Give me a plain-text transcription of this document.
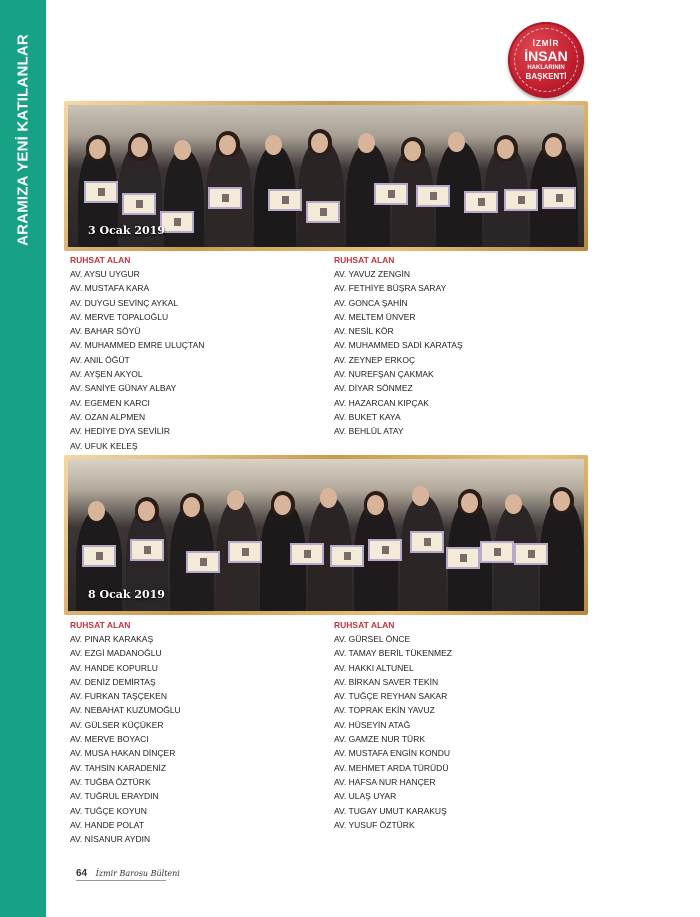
ARAMIZA YENİ KATILANLAR	İZMİR
İNSAN
HAKLARININ
BAŞKENTİ
3 Ocak 2019
RUHSAT ALAN
AV. AYSU UYGUR
AV. MUSTAFA KARA
AV. DUYGU SEVİNÇ AYKAL
AV. MERVE TOPALOĞLU
AV. BAHAR SÖYÜ
AV. MUHAMMED EMRE ULUÇTAN
AV. ANIL ÖĞÜT
AV. AYŞEN AKYOL
AV. SANİYE GÜNAY ALBAY
AV. EGEMEN KARCI
AV. OZAN ALPMEN
AV. HEDİYE DYA SEVİLİR
AV. UFUK KELEŞ
RUHSAT ALAN
AV. YAVUZ ZENGİN
AV. FETHİYE BÜŞRA SARAY
AV. GONCA ŞAHİN
AV. MELTEM ÜNVER
AV. NESİL KÖR
AV. MUHAMMED SADİ KARATAŞ
AV. ZEYNEP ERKOÇ
AV. NUREFŞAN ÇAKMAK
AV. DİYAR SÖNMEZ
AV. HAZARCAN KIPÇAK
AV. BUKET KAYA
AV. BEHLÜL ATAY
8 Ocak 2019
RUHSAT ALAN
AV. PINAR KARAKAŞ
AV. EZGİ MADANOĞLU
AV. HANDE KOPURLU
AV. DENİZ DEMİRTAŞ
AV. FURKAN TAŞÇEKEN
AV. NEBAHAT KUZUMOĞLU
AV. GÜLSER KÜÇÜKER
AV. MERVE BOYACI
AV. MUSA HAKAN DİNÇER
AV. TAHSİN KARADENİZ
AV. TUĞBA ÖZTÜRK
AV. TUĞRUL ERAYDIN
AV. TUĞÇE KOYUN
AV. HANDE POLAT
AV. NİSANUR AYDIN
RUHSAT ALAN
AV. GÜRSEL ÖNCE
AV. TAMAY BERİL TÜKENMEZ
AV. HAKKI ALTUNEL
AV. BİRKAN SAVER TEKİN
AV. TUĞÇE REYHAN SAKAR
AV. TOPRAK EKİN YAVUZ
AV. HÜSEYİN ATAĞ
AV. GAMZE NUR TÜRK
AV. MUSTAFA ENGİN KONDU
AV. MEHMET ARDA TÜRÜDÜ
AV. HAFSA NUR HANÇER
AV. ULAŞ UYAR
AV. TUGAY UMUT KARAKUŞ
AV. YUSUF ÖZTÜRK
64 İzmir Barosu Bülteni
